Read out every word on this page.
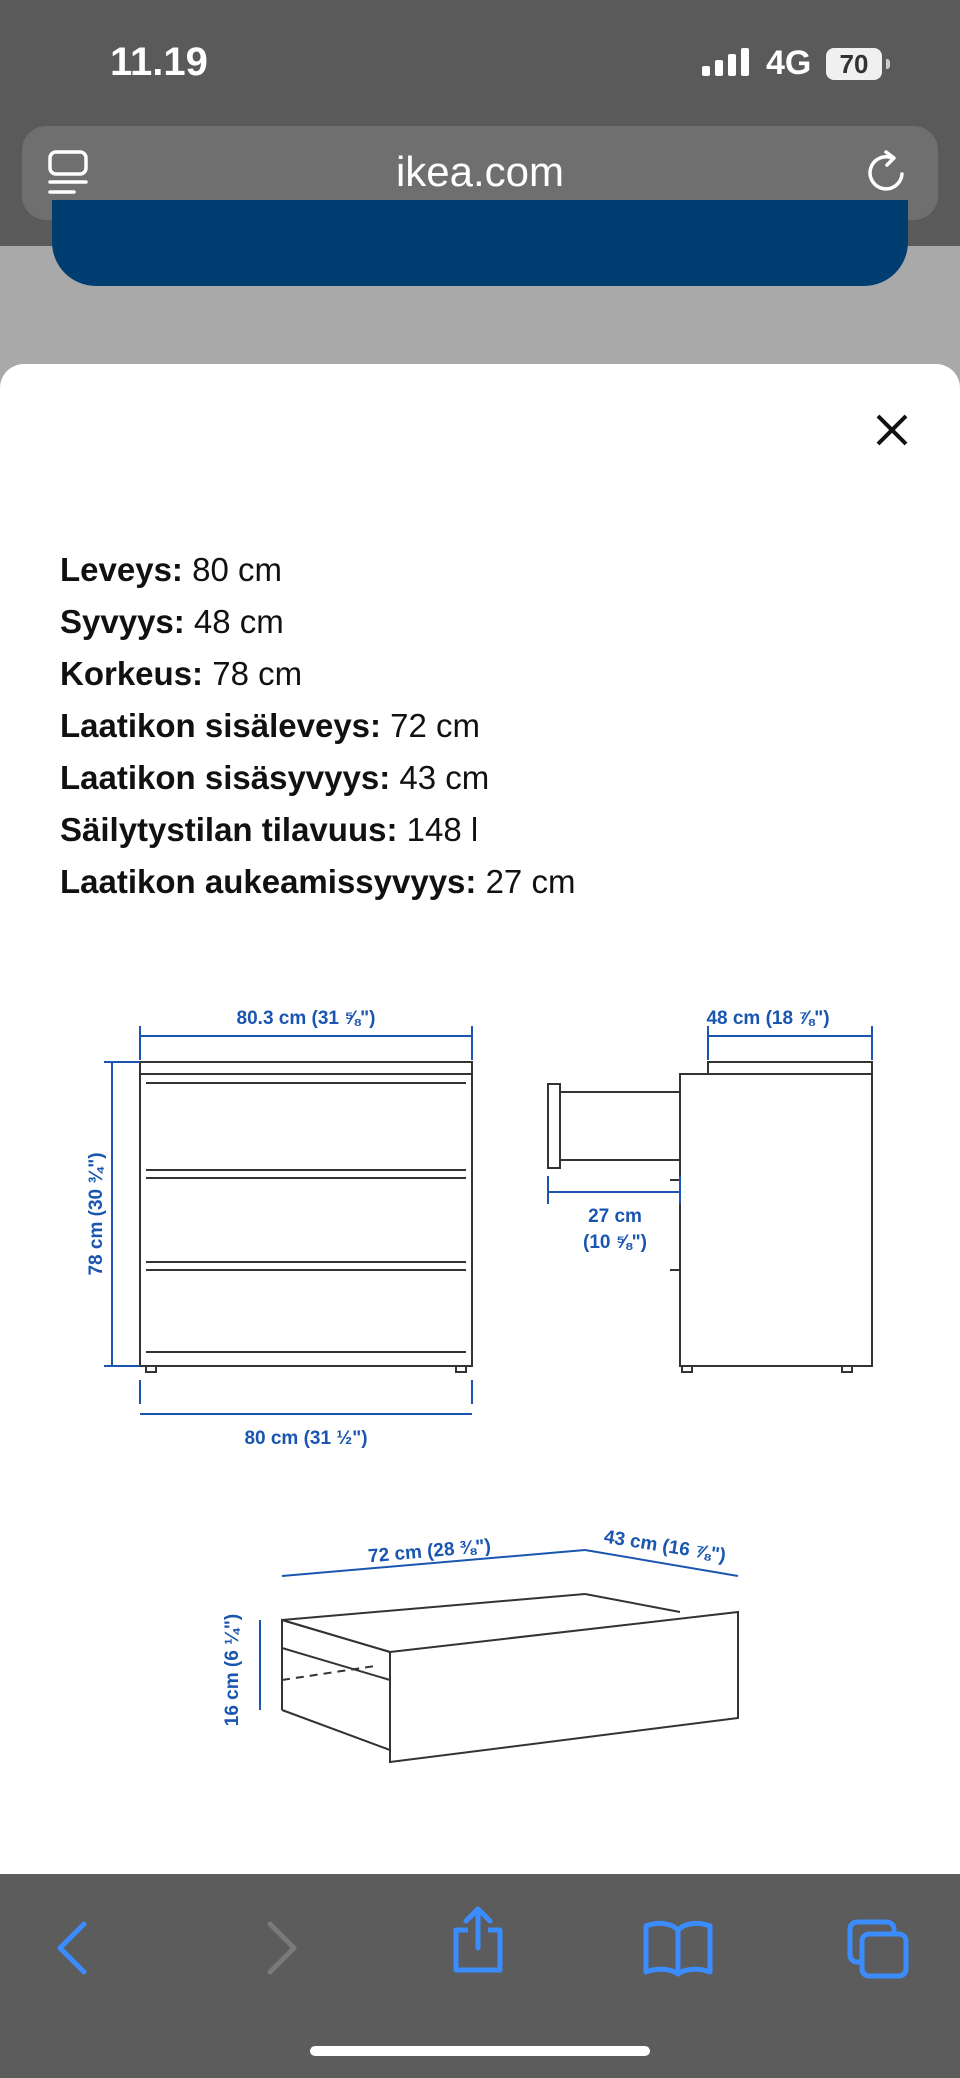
11.19	4G	70
ikea.com
Leveys: 80 cm
Syvyys: 48 cm
Korkeus: 78 cm
Laatikon sisäleveys: 72 cm
Laatikon sisäsyvyys: 43 cm
Säilytystilan tilavuus: 148 l
Laatikon aukeamissyvyys: 27 cm
80.3 cm (31 ⅝")
78 cm (30 ¾")
80 cm (31 ½")
48 cm (18 ⅞")
27 cm
(10 ⅝")
72 cm (28 ⅜")	43 cm (16 ⅞")
16 cm (6 ¼")
